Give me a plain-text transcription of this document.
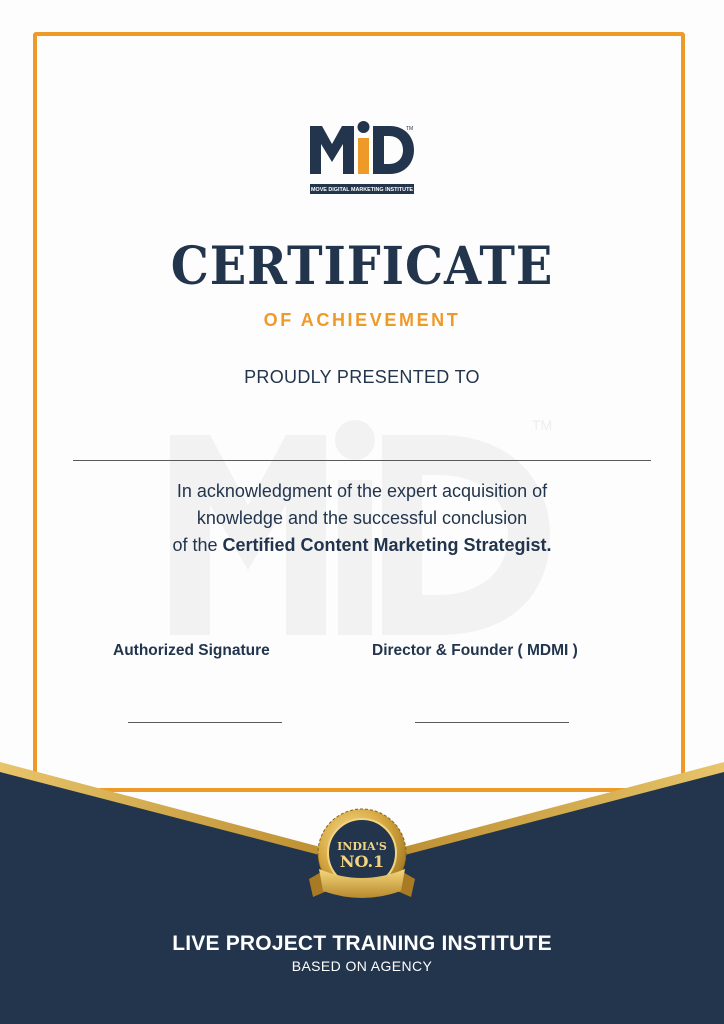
TM
TM
MOVE DIGITAL MARKETING INSTITUTE
CERTIFICATE
OF ACHIEVEMENT
PROUDLY PRESENTED TO
In acknowledgment of the expert acquisition of
knowledge and the successful conclusion
of the Certified Content Marketing Strategist.
Authorized Signature	Director & Founder ( MDMI )
INDIA'S
NO.1
LIVE PROJECT TRAINING INSTITUTE
BASED ON AGENCY
